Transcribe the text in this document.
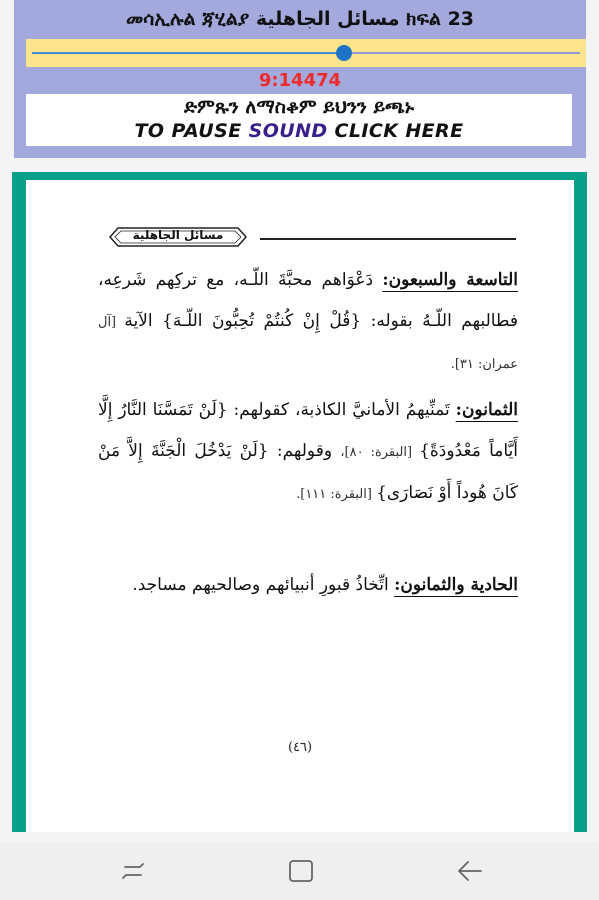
መሳኢሉል ጃሂልያ مسائل الجاهلية ክፍል 23
9:14474
ድምጹን ለማስቆም ይህንን ይጫኑ
TO PAUSE SOUND CLICK HERE
مسائل الجاهلية
التاسعة والسبعون: دَعْوَاهم محبَّةَ اللّـه، مع تركِهم شَرعِه، فطالبهم اللّـهُ بقوله: {قُلْ إِنْ كُنتُمْ تُحِبُّونَ اللّـهَ} الآية [آل عمران: ٣١].
الثمانون: تَمنِّيهمُ الأمانيَّ الكاذبة، كقولهم: {لَنْ تَمَسَّنَا النَّارُ إِلَّا أَيَّاماً مَعْدُودَةً} [البقرة: ٨٠]، وقولهم: {لَنْ يَدْخُلَ الْجَنَّةَ إِلاَّ مَنْ كَانَ هُوداً أَوْ نَصَارَى} [البقرة: ١١١].
الحادية والثمانون: اتِّخاذُ قبورِ أنبيائهم وصالحيهم مساجد.
(٤٦)
